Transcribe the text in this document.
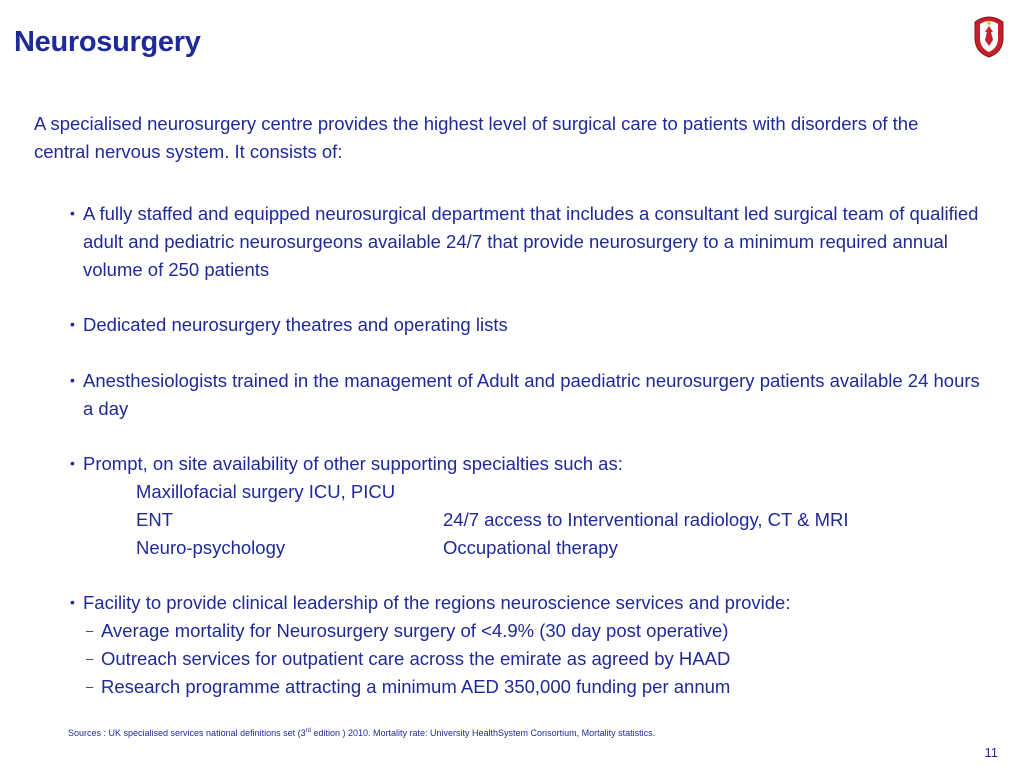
Neurosurgery
A specialised neurosurgery centre provides the highest level of surgical care to patients with disorders of the central nervous system. It consists of:
• A fully staffed and equipped neurosurgical department that includes a consultant led surgical team of qualified adult and pediatric neurosurgeons available 24/7 that provide neurosurgery to a minimum required annual volume of 250 patients
• Dedicated neurosurgery theatres and operating lists
• Anesthesiologists trained in the management of Adult and paediatric neurosurgery patients available 24 hours a day
• Prompt, on site availability of other supporting specialties such as:
Maxillofacial surgery ICU, PICU
ENT	24/7 access to Interventional radiology, CT & MRI
Neuro-psychology	Occupational therapy
• Facility to provide clinical leadership of the regions neuroscience services and provide:
– Average mortality for Neurosurgery surgery of <4.9% (30 day post operative)
– Outreach services for outpatient care across the emirate as agreed by HAAD
– Research programme attracting a minimum AED 350,000 funding per annum
Sources : UK specialised services national definitions set (3rd edition ) 2010. Mortality rate: University HealthSystem Consortium, Mortality statistics.
11
